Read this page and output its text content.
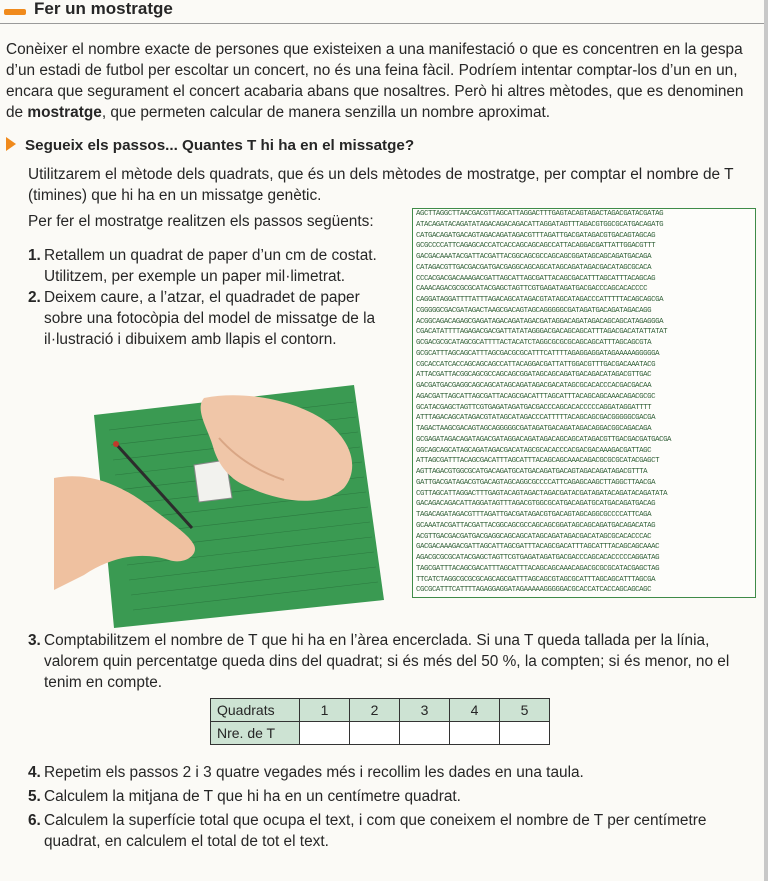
Fer un mostratge

Conèixer el nombre exacte de persones que existeixen a una manifestació o que es concentren en la gespa d’un estadi de futbol per escoltar un concert, no és una feina fàcil. Podríem intentar comptar-los d’un en un, encara que segurament el concert acabaria abans que nosaltres. Però hi altres mètodes, que es denominen de mostratge, que permeten calcular de manera senzilla un nombre aproximat.

Segueix els passos... Quantes T hi ha en el missatge?

Utilitzarem el mètode dels quadrats, que és un dels mètodes de mostratge, per comptar el nombre de T (timines) que hi ha en un missatge genètic.

Per fer el mostratge realitzen els passos següents:

1. Retallem un quadrat de paper d’un cm de costat. Utilitzem, per exemple un paper mil·limetrat.
2. Deixem caure, a l’atzar, el quadradet de paper sobre una fotocòpia del model de missatge de la il·lustració i dibuixem amb llapis el contorn.
AGCTTAGGCTTAACGACGTTAGCATTAGGACTTTGAGTACAGTAGACTAGACGATACGATAG
ATACAGATACAGATATAGACAGACAGACATTAGGATAGTTTAGACGTGGCGCATGACAGATG
CATGACAGATGACAGTAGACAGATAGACGTTTAGATTGACGATAGACGTGACAGTAGCAG
GCGCCCCATTCAGAGCACCATCACCAGCAGCAGCCATTACAGGACGATTATTGGACGTTT
GACGACAAATACGATTACGATTACGGCAGCGCCAGCAGCGGATAGCAGCAGATGACAGA
CATAGACGTTGACGACGATGACGAGGCAGCAGCATAGCAGATAGACGACATAGCGCACA
CCCACGACGACAAAGACGATTAGCATTAGCGATTACAGCGACATTTAGCATTTACAGCAG
CAAACAGACGCGCGCATACGAGCTAGTTCGTGAGATAGATGACGACCCAGCACACCCC
CAGGATAGGATTTTATTTAGACAGCATAGACGTATAGCATAGACCCATTTTTACAGCAGCGA
CGGGGGCGACGATAGACTAAGCGACAGTAGCAGGGGGCGATAGATGACAGATAGACAGG
ACGGCAGACAGAGCGAGATAGACAGATAGACGATAGGACAGATAGACAGCAGCATAGAGGGA
CGACATATTTTAGAGACGACGATTATATAGGGACGACAGCAGCATTTAGACGACATATTATAT
GCGACGCGCATAGCGCATTTTACTACATCTAGGCGCGCGCAGCAGCATTTAGCAGCGTA
GCGCATTTAGCAGCATTTAGCGACGCGCATTTCATTTTAGAGGAGGATAGAAAAAGGGGGA
CGCACCATCACCAGCAGCAGCCATTACAGGACGATTATTGGACGTTTGACGACAAATACG
ATTACGATTACGGCAGCGCCAGCAGCGGATAGCAGCAGATGACAGACATAGACGTTGAC
GACGATGACGAGGCAGCAGCATAGCAGATAGACGACATAGCGCACACCCACGACGACAA
AGACGATTAGCATTAGCGATTACAGCGACATTTAGCATTTACAGCAGCAAACAGACGCGC
GCATACGAGCTAGTTCGTGAGATAGATGACGACCCAGCACACCCCCAGGATAGGATTTT
ATTTAGACAGCATAGACGTATAGCATAGACCCATTTTTACAGCAGCGACGGGGGCGACGA
TAGACTAAGCGACAGTAGCAGGGGGCGATAGATGACAGATAGACAGGACGGCAGACAGA
GCGAGATAGACAGATAGACGATAGGACAGATAGACAGCAGCATAGACGTTGACGACGATGACGA
GGCAGCAGCATAGCAGATAGACGACATAGCGCACACCCACGACGACAAAGACGATTAGC
ATTAGCGATTTACAGCGACATTTAGCATTTACAGCAGCAAACAGACGCGCGCATACGAGCT
AGTTAGACGTGGCGCATGACAGATGCATGACAGATGACAGTAGACAGATAGACGTTTA
GATTGACGATAGACGTGACAGTAGCAGGCGCCCCATTCAGAGCAAGCTTAGGCTTAACGA
CGTTAGCATTAGGACTTTGAGTACAGTAGACTAGACGATACGATAGATACAGATACAGATATA
GACAGACAGACATTAGGATAGTTTAGACGTGGCGCATGACAGATGCATGACAGATGACAG
TAGACAGATAGACGTTTAGATTGACGATAGACGTGACAGTAGCAGGCGCCCCATTCAGA
GCAAATACGATTACGATTACGGCAGCGCCAGCAGCGGATAGCAGCAGATGACAGACATAG
ACGTTGACGACGATGACGAGGCAGCAGCATAGCAGATAGACGACATAGCGCACACCCAC
GACGACAAAGACGATTAGCATTAGCGATTTACAGCGACATTTAGCATTTACAGCAGCAAAC
AGACGCGCGCATACGAGCTAGTTCGTGAGATAGATGACGACCCAGCACACCCCCAGGATAG
TAGCGATTTACAGCGACATTTAGCATTTACAGCAGCAAACAGACGCGCGCATACGAGCTAG
TTCATCTAGGCGCGCGCAGCAGCGATTTAGCAGCGTAGCGCATTTAGCAGCATTTAGCGA
CGCGCATTTCATTTTAGAGGAGGATAGAAAAAGGGGGACGCACCATCACCAGCAGCAGC
3. Comptabilitzem el nombre de T que hi ha en l’àrea encerclada. Si una T queda tallada per la línia, valorem quin percentatge queda dins del quadrat; si és més del 50 %, la compten; si és menor, no el tenim en compte.
Quadrats	1	2	3	4	5
Nre. de T					
4. Repetim els passos 2 i 3 quatre vegades més i recollim les dades en una taula.
5. Calculem la mitjana de T que hi ha en un centímetre quadrat.
6. Calculem la superfície total que ocupa el text, i com que coneixem el nombre de T per centímetre quadrat, en calculem el total de tot el text.
